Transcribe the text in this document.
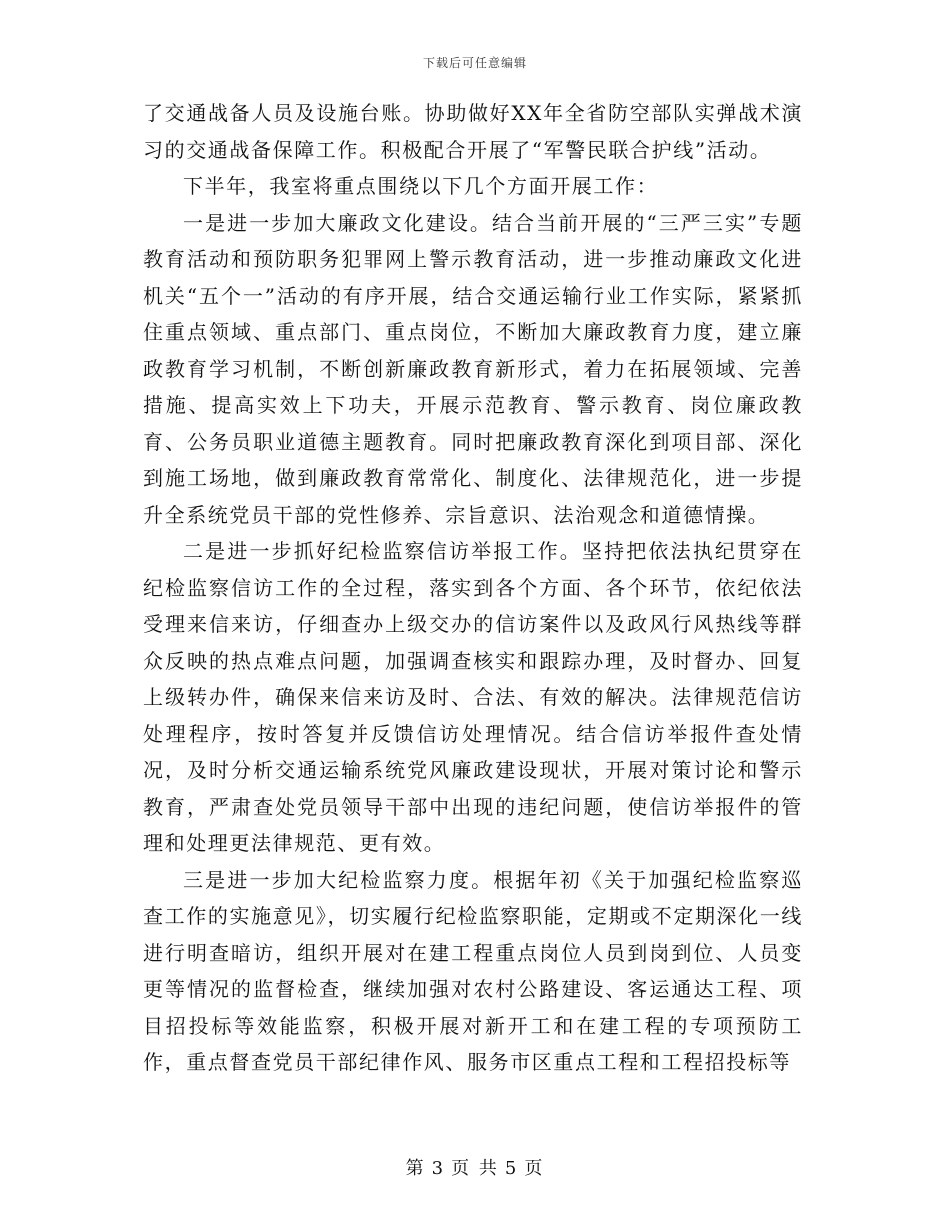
下载后可任意编辑

了交通战备人员及设施台账。协助做好XX年全省防空部队实弹战术演习的交通战备保障工作。积极配合开展了“军警民联合护线”活动。

下半年，我室将重点围绕以下几个方面开展工作：

一是进一步加大廉政文化建设。结合当前开展的“三严三实”专题教育活动和预防职务犯罪网上警示教育活动，进一步推动廉政文化进机关“五个一”活动的有序开展，结合交通运输行业工作实际，紧紧抓住重点领域、重点部门、重点岗位，不断加大廉政教育力度，建立廉政教育学习机制，不断创新廉政教育新形式，着力在拓展领域、完善措施、提高实效上下功夫，开展示范教育、警示教育、岗位廉政教育、公务员职业道德主题教育。同时把廉政教育深化到项目部、深化到施工场地，做到廉政教育常常化、制度化、法律规范化，进一步提升全系统党员干部的党性修养、宗旨意识、法治观念和道德情操。

二是进一步抓好纪检监察信访举报工作。坚持把依法执纪贯穿在纪检监察信访工作的全过程，落实到各个方面、各个环节，依纪依法受理来信来访，仔细查办上级交办的信访案件以及政风行风热线等群众反映的热点难点问题，加强调查核实和跟踪办理，及时督办、回复上级转办件，确保来信来访及时、合法、有效的解决。法律规范信访处理程序，按时答复并反馈信访处理情况。结合信访举报件查处情况，及时分析交通运输系统党风廉政建设现状，开展对策讨论和警示教育，严肃查处党员领导干部中出现的违纪问题，使信访举报件的管理和处理更法律规范、更有效。

三是进一步加大纪检监察力度。根据年初《关于加强纪检监察巡查工作的实施意见》，切实履行纪检监察职能，定期或不定期深化一线进行明查暗访，组织开展对在建工程重点岗位人员到岗到位、人员变更等情况的监督检查，继续加强对农村公路建设、客运通达工程、项目招投标等效能监察，积极开展对新开工和在建工程的专项预防工作，重点督查党员干部纪律作风、服务市区重点工程和工程招投标等

第 3 页 共 5 页
